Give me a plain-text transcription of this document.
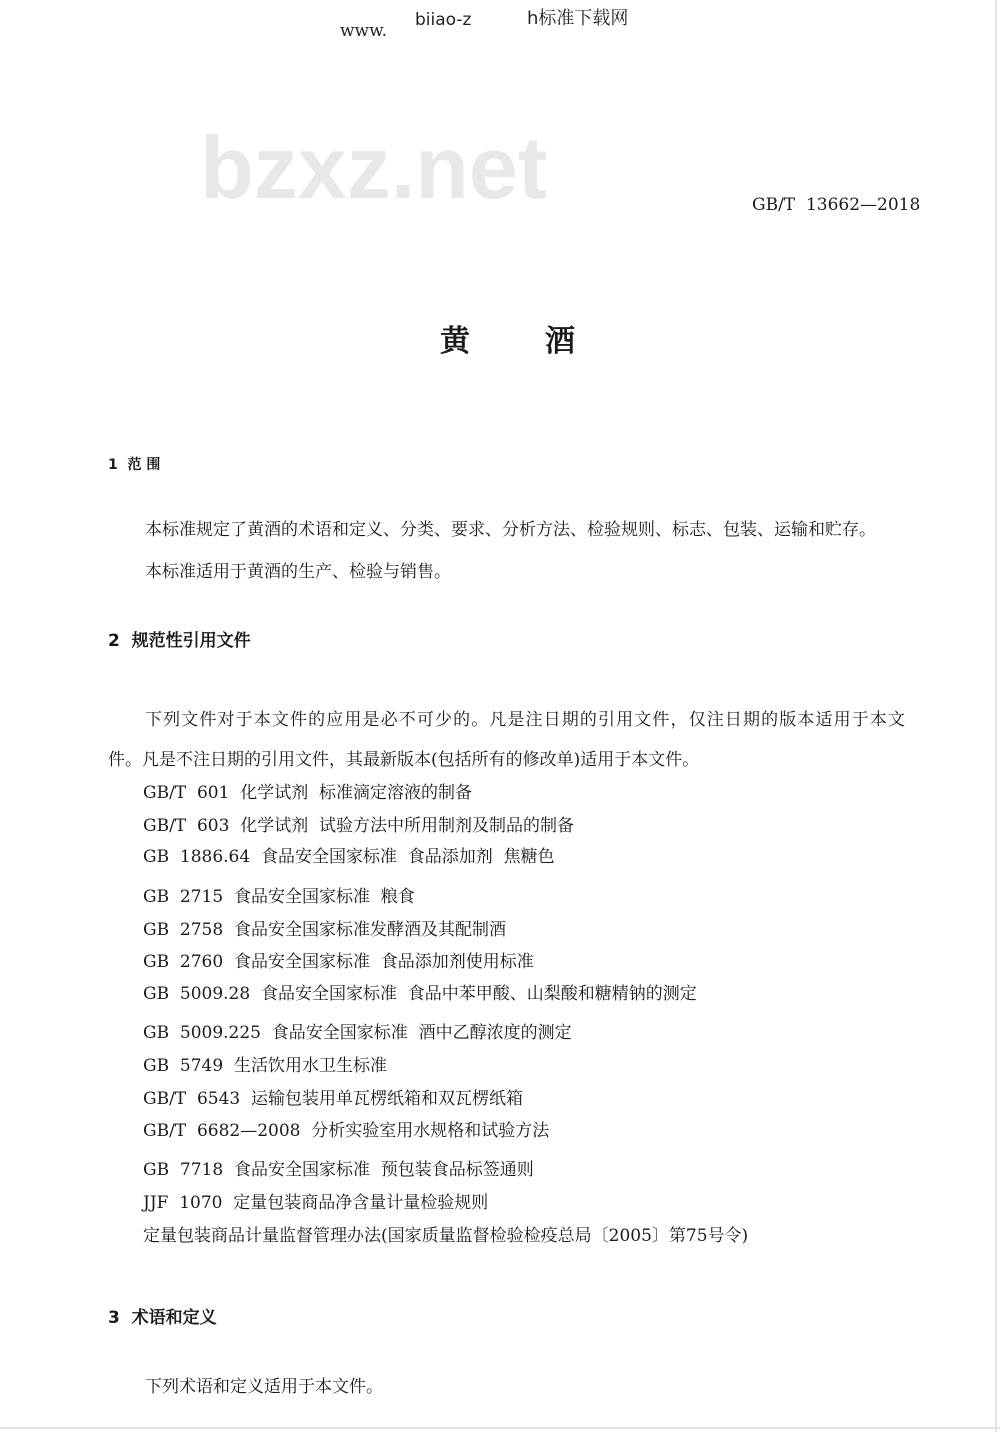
www.
biiao-z	h标准下载网
bzxz.net	GB/T  13662—2018
黄	酒
1  范 围
本标准规定了黄酒的术语和定义、分类、要求、分析方法、检验规则、标志、包装、运输和贮存。
本标准适用于黄酒的生产、检验与销售。
2  规范性引用文件
下列文件对于本文件的应用是必不可少的。凡是注日期的引用文件，仅注日期的版本适用于本文
件。凡是不注日期的引用文件，其最新版本(包括所有的修改单)适用于本文件。
GB/T  601  化学试剂  标准滴定溶液的制备
GB/T  603  化学试剂  试验方法中所用制剂及制品的制备
GB  1886.64  食品安全国家标准  食品添加剂  焦糖色
GB  2715  食品安全国家标准  粮食
GB  2758  食品安全国家标准发酵酒及其配制酒
GB  2760  食品安全国家标准  食品添加剂使用标准
GB  5009.28  食品安全国家标准  食品中苯甲酸、山梨酸和糖精钠的测定
GB  5009.225  食品安全国家标准  酒中乙醇浓度的测定
GB  5749  生活饮用水卫生标准
GB/T  6543  运输包装用单瓦楞纸箱和双瓦楞纸箱
GB/T  6682—2008  分析实验室用水规格和试验方法
GB  7718  食品安全国家标准  预包装食品标签通则
JJF  1070  定量包装商品净含量计量检验规则
定量包装商品计量监督管理办法(国家质量监督检验检疫总局〔2005〕第75号令)
3  术语和定义
下列术语和定义适用于本文件。
